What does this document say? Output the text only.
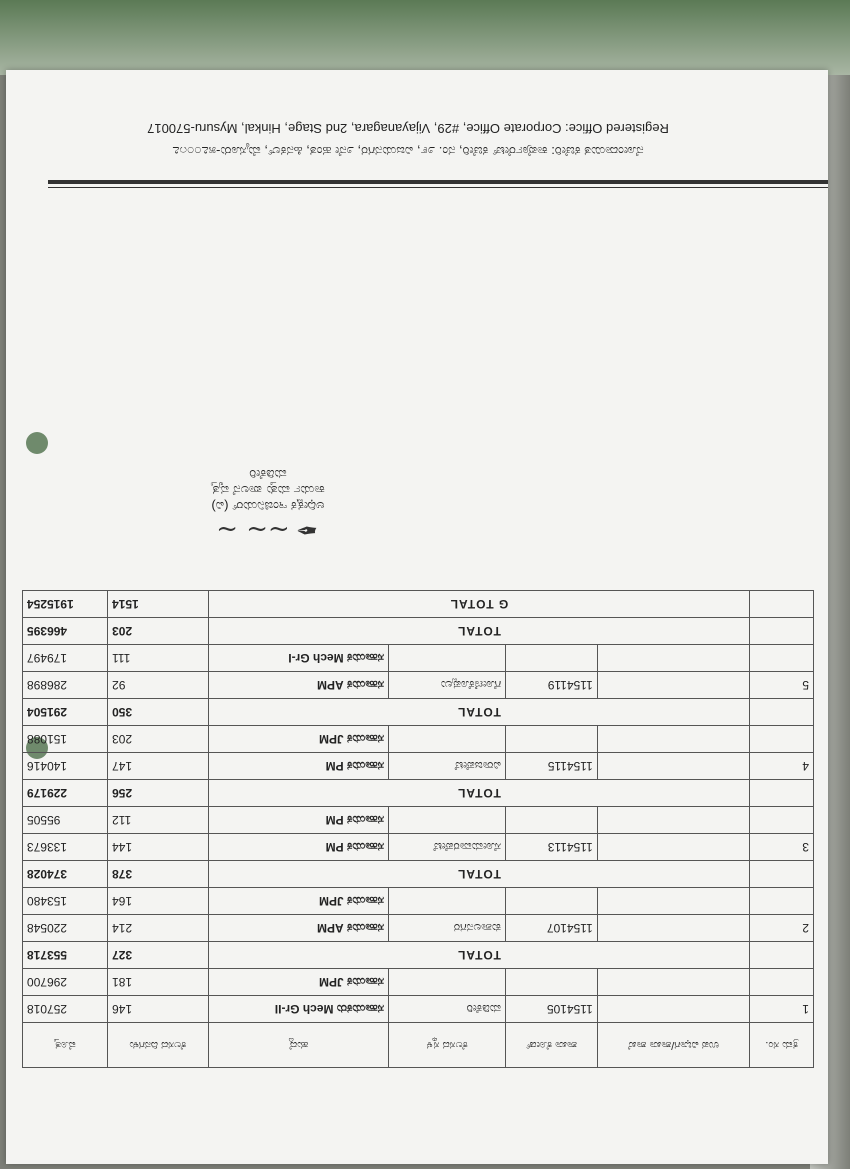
ಕ್ರಮ ಸಂ.	ಉಪ ವಿಭಾಗ/ಶಾಖಾ ಶಾಖೆ	ಶಾಖಾ ಕೋಡ್	ಕೆಲಸದ ಸ್ಥಳ	ಹುದ್ದೆ	ಕೆಲಸದ ದಿನಗಳು	ಮೊತ್ತ
1		1154105	ಮಡಿಕೇರಿ	ಸಹಾಯಕರು Mech Gr-II	146	257018
				ಸಹಾಯಕ JPM	181	296700
	TOTAL				327	553718
2		1154107	ಕುಶಾಲನಗರ	ಸಹಾಯಕ APM	214	220548
				ಸಹಾಯಕ JPM	164	153480
	TOTAL				378	374028
3		1154113	ಸೋಮವಾರಪೇಟೆ	ಸಹಾಯಕ PM	144	133673
				ಸಹಾಯಕ PM	112	95505
	TOTAL				256	229179
4		1154115	ವಿರಾಜಪೇಟೆ	ಸಹಾಯಕ PM	147	140416
				ಸಹಾಯಕ JPM	203	151088
	TOTAL				350	291504
5		1154119	ಗೋಣಿಕೊಪ್ಪಲು	ಸಹಾಯಕ APM	92	286898
				ಸಹಾಯಕ Mech Gr-I	111	179497
	TOTAL				203	466395
	G TOTAL				1514	1915254
✒︎ ~~ ~
ಅಧೀಕ್ಷಕ ಇಂಜಿನಿಯರ್ (ವಿ)
ಕಾರ್ಯ ಮತ್ತು ಪಾಲನೆ ವೃತ್ತ
ಮಡಿಕೇರಿ
ನೋಂದಾಯಿತ ಕಚೇರಿ: ಕಾರ್ಪೊರೇಟ್ ಕಚೇರಿ, ನಂ. ೨೯, ವಿಜಯನಗರ, ೨ನೇ ಹಂತ, ಹಿನಕಲ್, ಮೈಸೂರು-೫೭೦೦೧೭
Registered Office: Corporate Office, #29, Vijayanagara, 2nd Stage, Hinkal, Mysuru-570017
